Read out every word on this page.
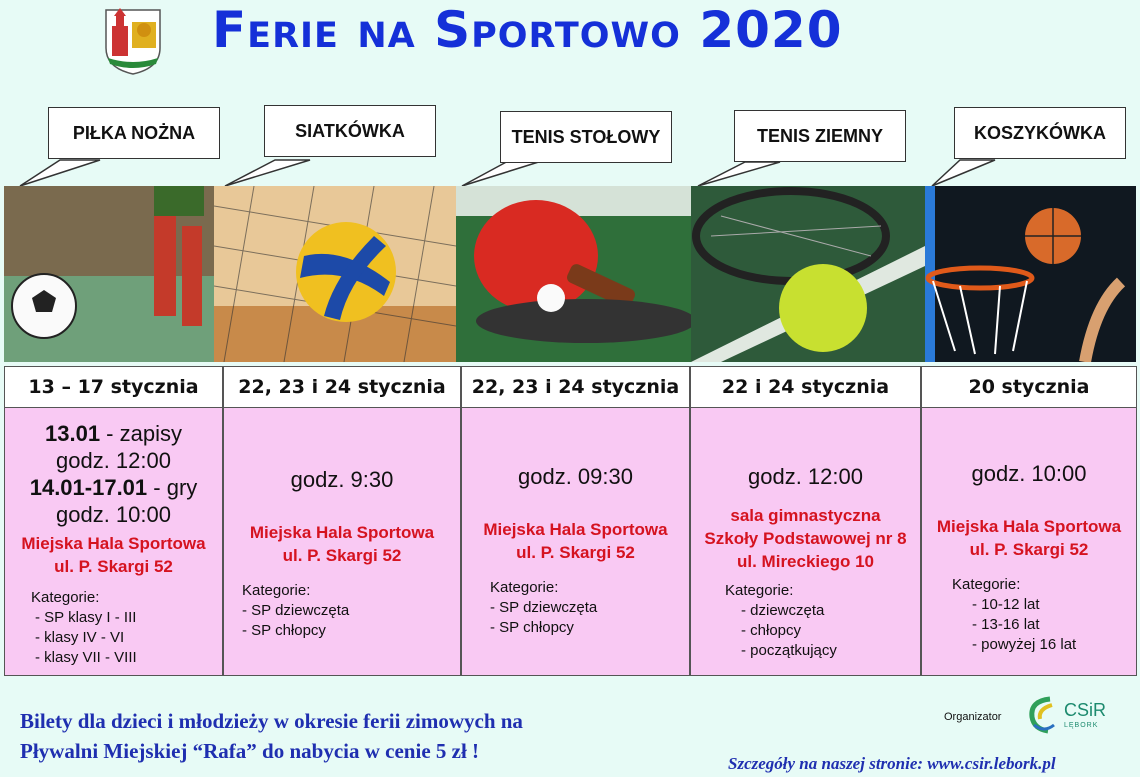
Ferie na Sportowo 2020
PIŁKA NOŻNA	SIATKÓWKA	TENIS STOŁOWY	TENIS ZIEMNY	KOSZYKÓWKA
13 – 17 stycznia
13.01 - zapisy
godz. 12:00
14.01-17.01 - gry
godz. 10:00
Miejska Hala Sportowa
ul. P. Skargi 52
Kategorie:
- SP klasy I - III
- klasy IV - VI
- klasy VII - VIII
22, 23 i 24 stycznia
godz. 9:30
Miejska Hala Sportowa
ul. P. Skargi 52
Kategorie:
- SP dziewczęta
- SP chłopcy
22, 23 i 24 stycznia
godz. 09:30
Miejska Hala Sportowa
ul. P. Skargi 52
Kategorie:
- SP dziewczęta
- SP chłopcy
22 i 24 stycznia
godz. 12:00
sala gimnastyczna
Szkoły Podstawowej nr 8
ul. Mireckiego 10
Kategorie:
- dziewczęta
- chłopcy
- początkujący
20 stycznia
godz. 10:00
Miejska Hala Sportowa
ul. P. Skargi 52
Kategorie:
- 10-12 lat
- 13-16 lat
- powyżej 16 lat
Bilety dla dzieci i młodzieży w okresie ferii zimowych na
Pływalni Miejskiej “Rafa” do nabycia w cenie 5 zł !
Organizator	CSiR
LĘBORK
Szczegóły na naszej stronie: www.csir.lebork.pl
